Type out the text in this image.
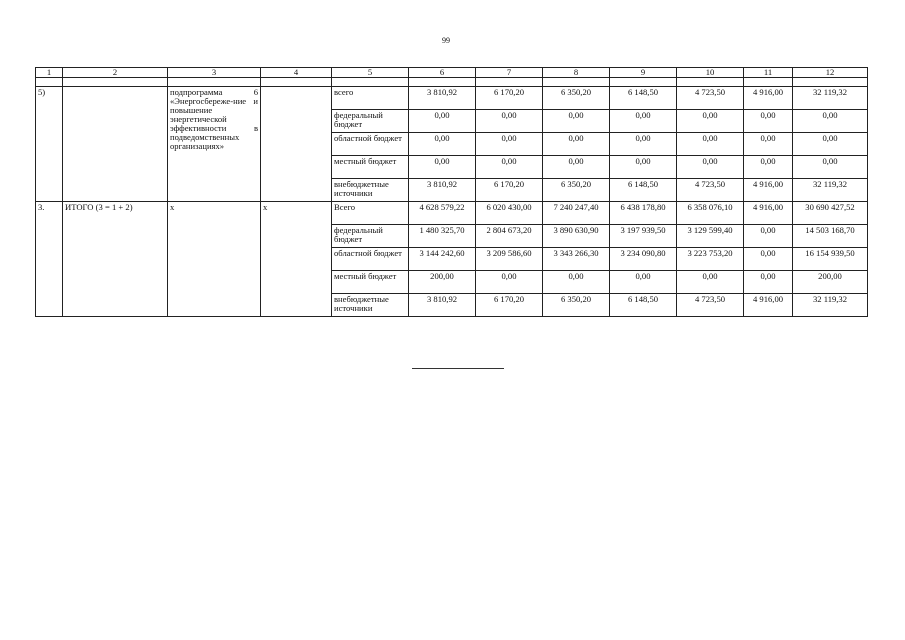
99
1	2	3	4	5	6	7	8	9	10	11	12

5)		подпрограмма 6 «Энергосбереже-ние и повышение энергетической эффективности в подведомственных организациях»		всего	3 810,92	6 170,20	6 350,20	6 148,50	4 723,50	4 916,00	32 119,32
				федеральный бюджет	0,00	0,00	0,00	0,00	0,00	0,00	0,00
				областной бюджет	0,00	0,00	0,00	0,00	0,00	0,00	0,00
				местный бюджет	0,00	0,00	0,00	0,00	0,00	0,00	0,00
				внебюджетные источники	3 810,92	6 170,20	6 350,20	6 148,50	4 723,50	4 916,00	32 119,32
3.	ИТОГО (3 = 1 + 2)	х	х	Всего	4 628 579,22	6 020 430,00	7 240 247,40	6 438 178,80	6 358 076,10	4 916,00	30 690 427,52
				федеральный бюджет	1 480 325,70	2 804 673,20	3 890 630,90	3 197 939,50	3 129 599,40	0,00	14 503 168,70
				областной бюджет	3 144 242,60	3 209 586,60	3 343 266,30	3 234 090,80	3 223 753,20	0,00	16 154 939,50
				местный бюджет	200,00	0,00	0,00	0,00	0,00	0,00	200,00
				внебюджетные источники	3 810,92	6 170,20	6 350,20	6 148,50	4 723,50	4 916,00	32 119,32
